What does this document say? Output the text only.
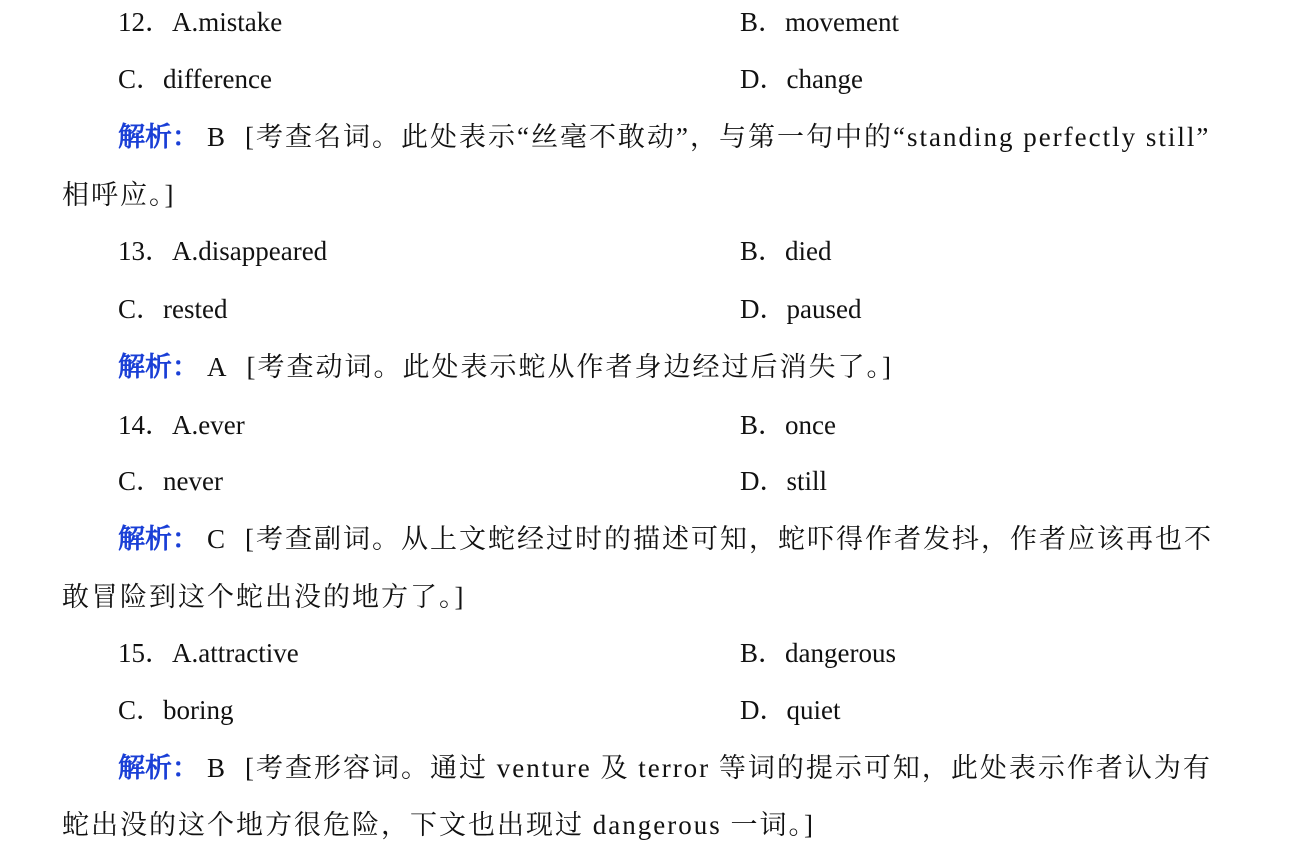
12．A.mistake	B．movement
C．difference	D．change
解析： B [考查名词。此处表示“丝毫不敢动”，与第一句中的“standing perfectly still”
相呼应。]
13．A.disappeared	B．died
C．rested	D．paused
解析： A [考查动词。此处表示蛇从作者身边经过后消失了。]
14．A.ever	B．once
C．never	D．still
解析： C [考查副词。从上文蛇经过时的描述可知，蛇吓得作者发抖，作者应该再也不
敢冒险到这个蛇出没的地方了。]
15．A.attractive	B．dangerous
C．boring	D．quiet
解析： B [考查形容词。通过 venture 及 terror 等词的提示可知，此处表示作者认为有
蛇出没的这个地方很危险，下文也出现过 dangerous 一词。]
